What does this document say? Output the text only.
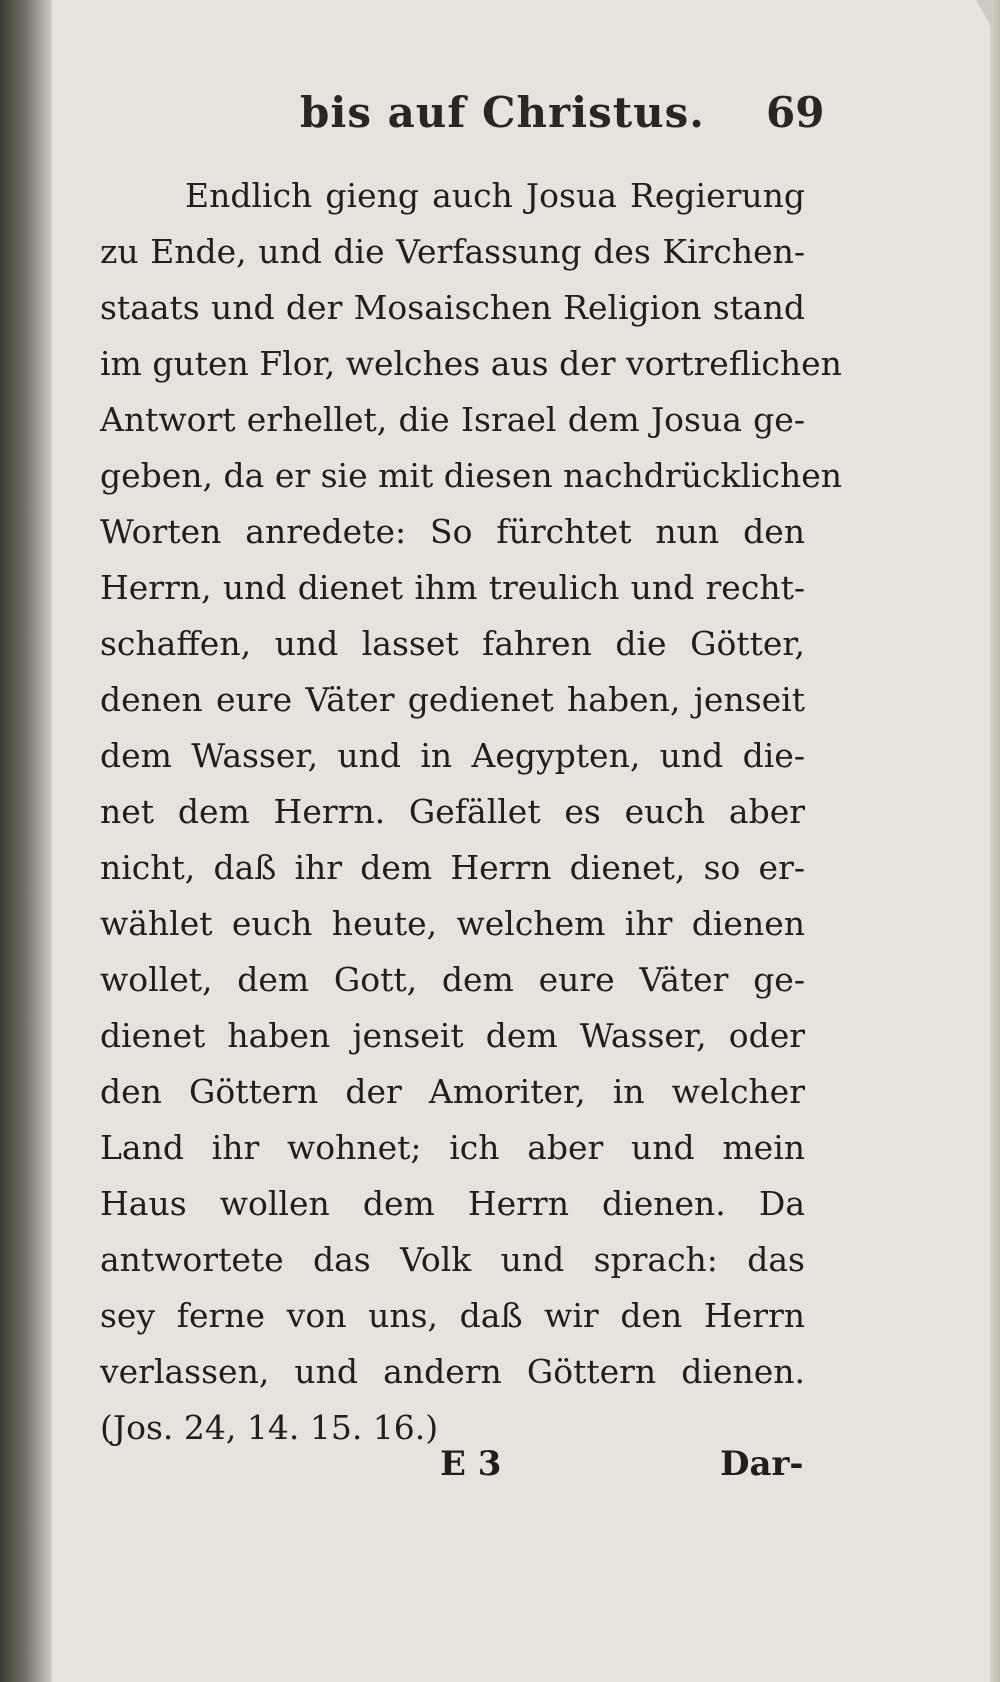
bis auf Christus. 69
Endlich gieng auch Josua Regierung
zu Ende, und die Verfassung des Kirchen-
staats und der Mosaischen Religion stand
im guten Flor, welches aus der vortreflichen
Antwort erhellet, die Israel dem Josua ge-
geben, da er sie mit diesen nachdrücklichen
Worten anredete: So fürchtet nun den
Herrn, und dienet ihm treulich und recht-
schaffen, und lasset fahren die Götter,
denen eure Väter gedienet haben, jenseit
dem Wasser, und in Aegypten, und die-
net dem Herrn. Gefället es euch aber
nicht, daß ihr dem Herrn dienet, so er-
wählet euch heute, welchem ihr dienen
wollet, dem Gott, dem eure Väter ge-
dienet haben jenseit dem Wasser, oder
den Göttern der Amoriter, in welcher
Land ihr wohnet; ich aber und mein
Haus wollen dem Herrn dienen. Da
antwortete das Volk und sprach: das
sey ferne von uns, daß wir den Herrn
verlassen, und andern Göttern dienen.
(Jos. 24, 14. 15. 16.)
E 3	Dar-
